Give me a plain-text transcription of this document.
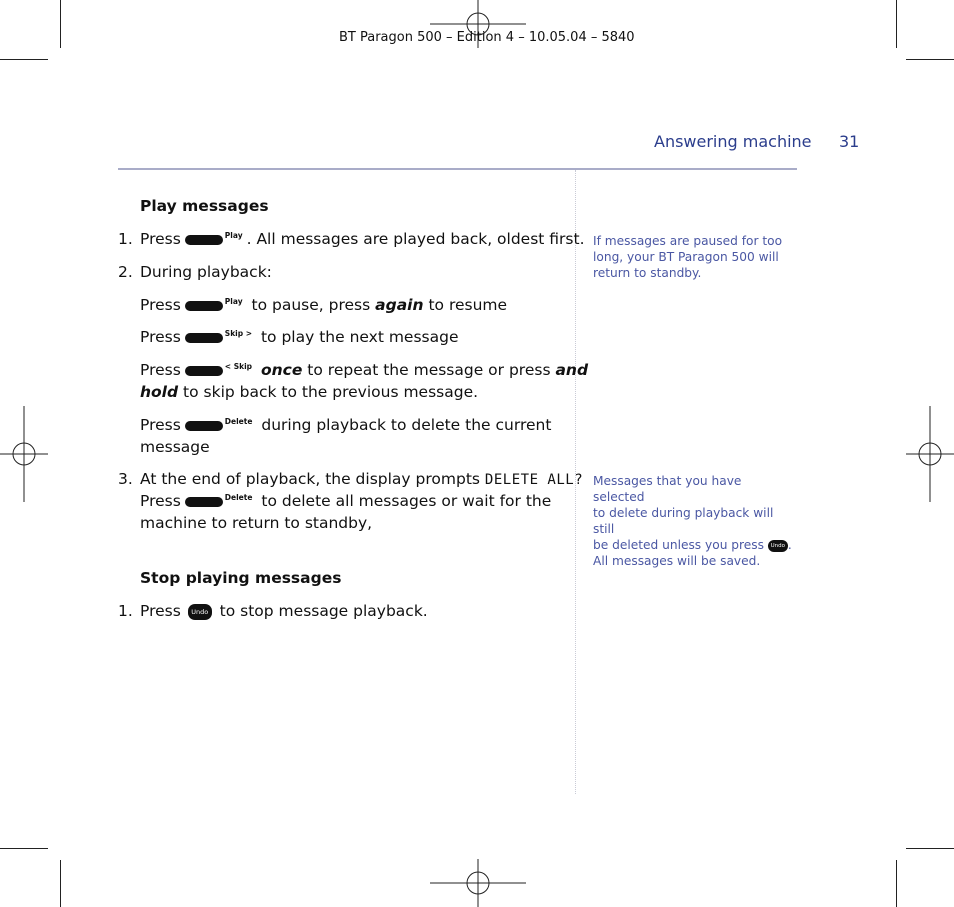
BT Paragon 500 – Edition 4 – 10.05.04 – 5840
Answering machine 31
Play messages
1. Press	Play . All messages are played back, oldest first.
2. During playback:
Press	Play to pause, press again to resume
Press	Skip > to play the next message
Press	< Skip once to repeat the message or press and
hold to skip back to the previous message.
Press	Delete during playback to delete the current
message
3. At the end of playback, the display prompts DELETE ALL?
Press	Delete to delete all messages or wait for the
machine to return to standby,
Stop playing messages
1. Press Undo to stop message playback.
If messages are paused for too
long, your BT Paragon 500 will
return to standby.
Messages that you have selected
to delete during playback will still
be deleted unless you press Undo .
All messages will be saved.
